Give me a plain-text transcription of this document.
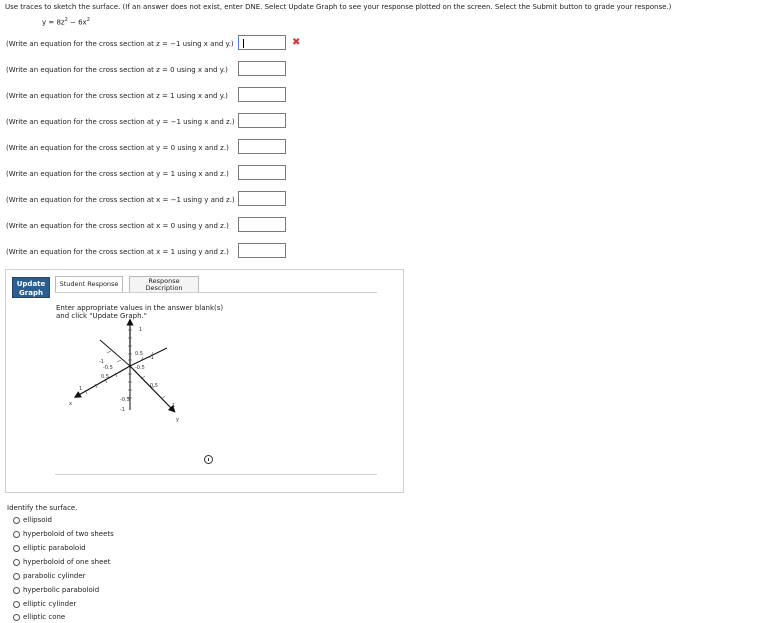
Use traces to sketch the surface. (If an answer does not exist, enter DNE. Select Update Graph to see your response plotted on the screen. Select the Submit button to grade your response.)
$y = 8z^2 - 6x^2$
(Write an equation for the cross section at z = −1 using x and y.)	✖
(Write an equation for the cross section at z = 0 using x and y.)
(Write an equation for the cross section at z = 1 using x and y.)
(Write an equation for the cross section at y = −1 using x and z.)
(Write an equation for the cross section at y = 0 using x and z.)
(Write an equation for the cross section at y = 1 using x and z.)
(Write an equation for the cross section at x = −1 using y and z.)
(Write an equation for the cross section at x = 0 using y and z.)
(Write an equation for the cross section at x = 1 using y and z.)
Update Graph
Student Response	Response Description
Enter appropriate values in the answer blank(s)
and click "Update Graph."
1
0.5
-1
-0.5
0.5
-0.5
-1
0.5
1
-0.5
-1
1
x
y
Identify the surface.
ellipsoid
hyperboloid of two sheets
elliptic paraboloid
hyperboloid of one sheet
parabolic cylinder
hyperbolic paraboloid
elliptic cylinder
elliptic cone
